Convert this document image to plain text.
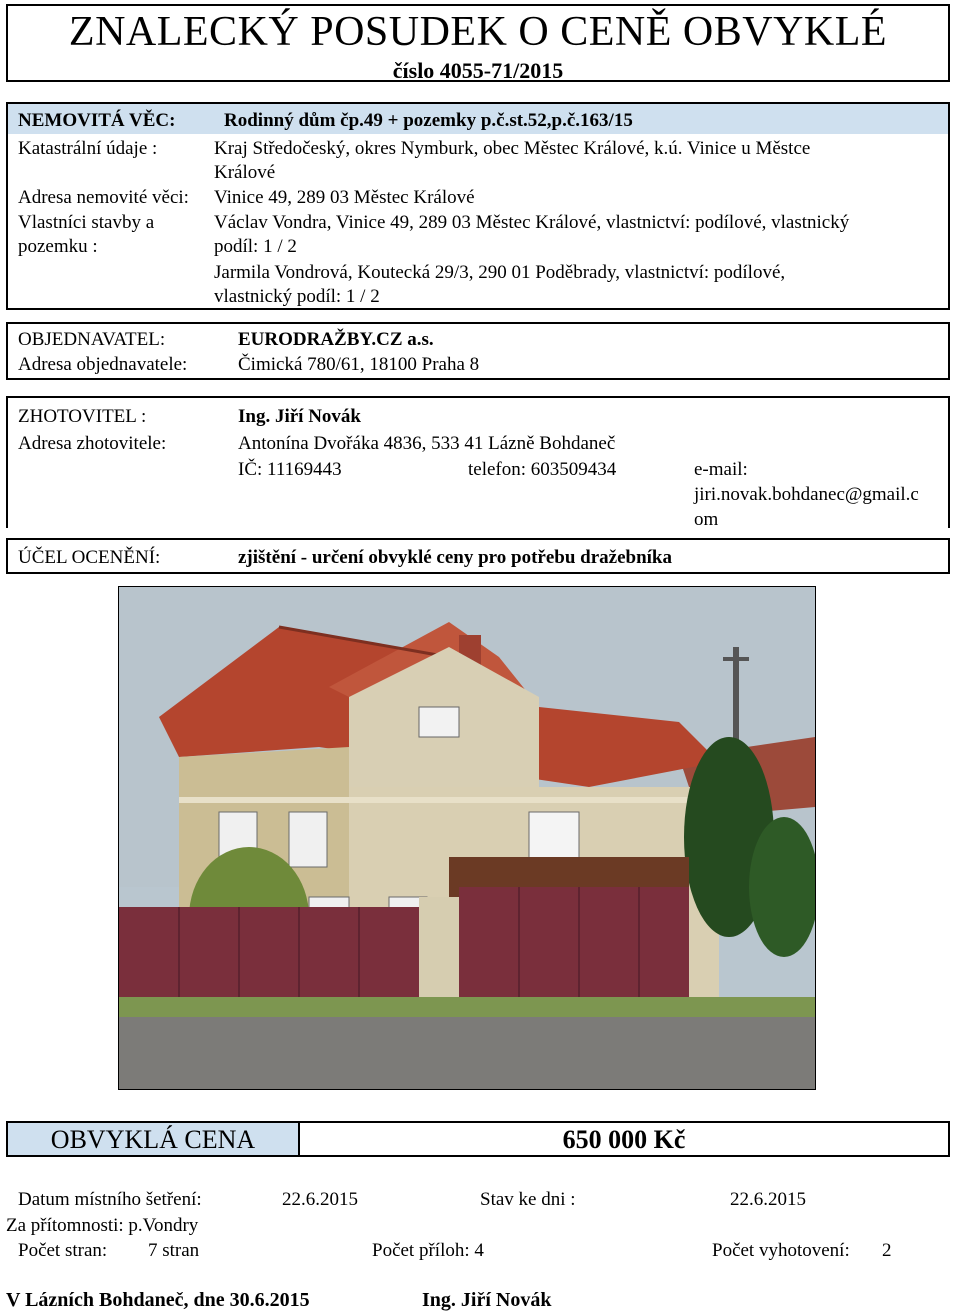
ZNALECKÝ POSUDEK O CENĚ OBVYKLÉ
číslo 4055-71/2015
NEMOVITÁ VĚC:	Rodinný dům čp.49 + pozemky p.č.st.52,p.č.163/15
Katastrální údaje :	Kraj Středočeský, okres Nymburk, obec Městec Králové, k.ú. Vinice u Městce
Králové
Adresa nemovité věci: Vinice 49, 289 03 Městec Králové
Vlastníci stavby a
pozemku :
Václav Vondra, Vinice 49, 289 03 Městec Králové, vlastnictví: podílové, vlastnický
podíl: 1 / 2
Jarmila Vondrová, Koutecká 29/3, 290 01 Poděbrady, vlastnictví: podílové,
vlastnický podíl: 1 / 2
OBJEDNAVATEL:	EURODRAŽBY.CZ a.s.
Adresa objednavatele:	Čimická 780/61, 18100 Praha 8
ZHOTOVITEL :	Ing. Jiří Novák
Adresa zhotovitele:	Antonína Dvořáka 4836, 533 41 Lázně Bohdaneč
IČ: 11169443	telefon: 603509434	e-mail:
jiri.novak.bohdanec@gmail.c
om
ÚČEL OCENĚNÍ:	zjištění - určení obvyklé ceny pro potřebu dražebníka
OBVYKLÁ CENA	650 000 Kč
Datum místního šetření:	22.6.2015	Stav ke dni :	22.6.2015
Za přítomnosti: p.Vondry
Počet stran: 7 stran	Počet příloh: 4	Počet vyhotovení: 2
V Lázních Bohdaneč, dne 30.6.2015	Ing. Jiří Novák
